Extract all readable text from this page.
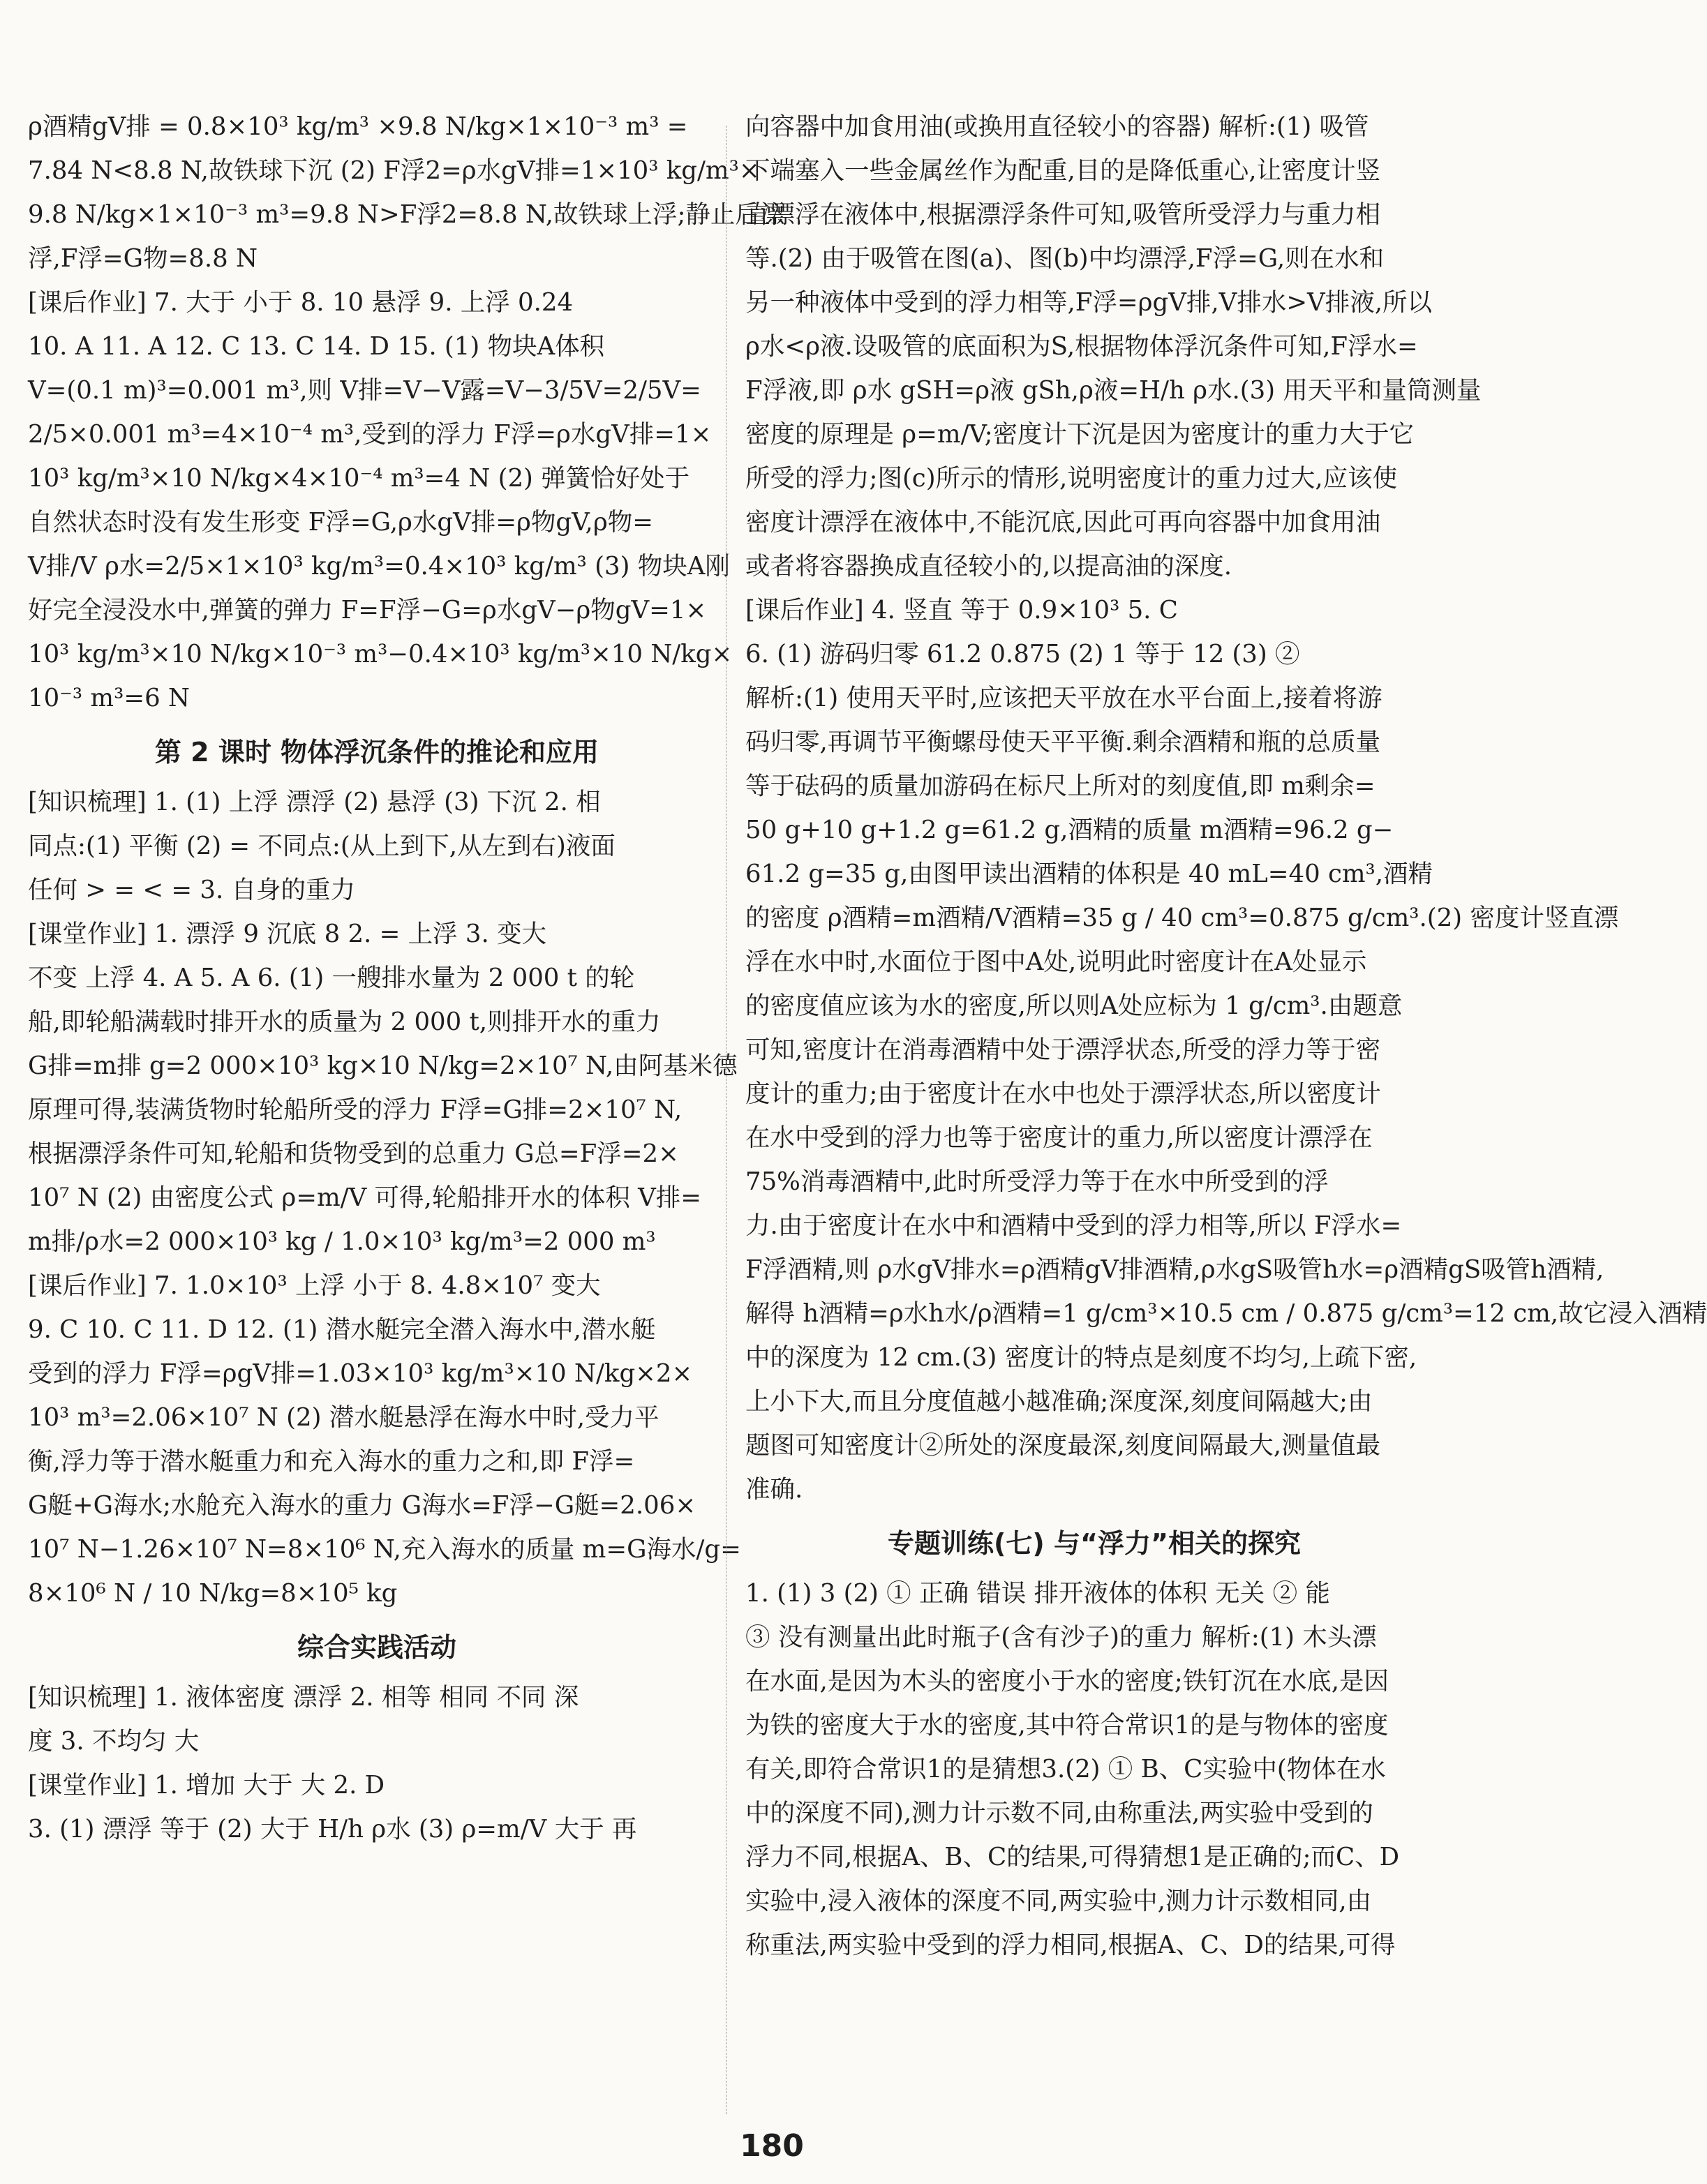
ρ酒精gV排 = 0.8×10³ kg/m³ ×9.8 N/kg×1×10⁻³ m³ =

7.84 N<8.8 N,故铁球下沉 (2) F浮2=ρ水gV排=1×10³ kg/m³×

9.8 N/kg×1×10⁻³ m³=9.8 N>F浮2=8.8 N,故铁球上浮;静止后漂

浮,F浮=G物=8.8 N

[课后作业] 7. 大于 小于 8. 10 悬浮 9. 上浮 0.24

10. A 11. A 12. C 13. C 14. D 15. (1) 物块A体积

V=(0.1 m)³=0.001 m³,则 V排=V−V露=V−3/5V=2/5V=

2/5×0.001 m³=4×10⁻⁴ m³,受到的浮力 F浮=ρ水gV排=1×

10³ kg/m³×10 N/kg×4×10⁻⁴ m³=4 N (2) 弹簧恰好处于

自然状态时没有发生形变 F浮=G,ρ水gV排=ρ物gV,ρ物=

V排/V ρ水=2/5×1×10³ kg/m³=0.4×10³ kg/m³ (3) 物块A刚

好完全浸没水中,弹簧的弹力 F=F浮−G=ρ水gV−ρ物gV=1×

10³ kg/m³×10 N/kg×10⁻³ m³−0.4×10³ kg/m³×10 N/kg×

10⁻³ m³=6 N

第 2 课时 物体浮沉条件的推论和应用

[知识梳理] 1. (1) 上浮 漂浮 (2) 悬浮 (3) 下沉 2. 相

同点:(1) 平衡 (2) = 不同点:(从上到下,从左到右)液面

任何 > = < = 3. 自身的重力

[课堂作业] 1. 漂浮 9 沉底 8 2. = 上浮 3. 变大

不变 上浮 4. A 5. A 6. (1) 一艘排水量为 2 000 t 的轮

船,即轮船满载时排开水的质量为 2 000 t,则排开水的重力

G排=m排 g=2 000×10³ kg×10 N/kg=2×10⁷ N,由阿基米德

原理可得,装满货物时轮船所受的浮力 F浮=G排=2×10⁷ N,

根据漂浮条件可知,轮船和货物受到的总重力 G总=F浮=2×

10⁷ N (2) 由密度公式 ρ=m/V 可得,轮船排开水的体积 V排=

m排/ρ水=2 000×10³ kg / 1.0×10³ kg/m³=2 000 m³

[课后作业] 7. 1.0×10³ 上浮 小于 8. 4.8×10⁷ 变大

9. C 10. C 11. D 12. (1) 潜水艇完全潜入海水中,潜水艇

受到的浮力 F浮=ρgV排=1.03×10³ kg/m³×10 N/kg×2×

10³ m³=2.06×10⁷ N (2) 潜水艇悬浮在海水中时,受力平

衡,浮力等于潜水艇重力和充入海水的重力之和,即 F浮=

G艇+G海水;水舱充入海水的重力 G海水=F浮−G艇=2.06×

10⁷ N−1.26×10⁷ N=8×10⁶ N,充入海水的质量 m=G海水/g=

8×10⁶ N / 10 N/kg=8×10⁵ kg

综合实践活动

[知识梳理] 1. 液体密度 漂浮 2. 相等 相同 不同 深

度 3. 不均匀 大

[课堂作业] 1. 增加 大于 大 2. D

3. (1) 漂浮 等于 (2) 大于 H/h ρ水 (3) ρ=m/V 大于 再

向容器中加食用油(或换用直径较小的容器) 解析:(1) 吸管

下端塞入一些金属丝作为配重,目的是降低重心,让密度计竖

直漂浮在液体中,根据漂浮条件可知,吸管所受浮力与重力相

等.(2) 由于吸管在图(a)、图(b)中均漂浮,F浮=G,则在水和

另一种液体中受到的浮力相等,F浮=ρgV排,V排水>V排液,所以

ρ水<ρ液.设吸管的底面积为S,根据物体浮沉条件可知,F浮水=

F浮液,即 ρ水 gSH=ρ液 gSh,ρ液=H/h ρ水.(3) 用天平和量筒测量

密度的原理是 ρ=m/V;密度计下沉是因为密度计的重力大于它

所受的浮力;图(c)所示的情形,说明密度计的重力过大,应该使

密度计漂浮在液体中,不能沉底,因此可再向容器中加食用油

或者将容器换成直径较小的,以提高油的深度.

[课后作业] 4. 竖直 等于 0.9×10³ 5. C

6. (1) 游码归零 61.2 0.875 (2) 1 等于 12 (3) ②

解析:(1) 使用天平时,应该把天平放在水平台面上,接着将游

码归零,再调节平衡螺母使天平平衡.剩余酒精和瓶的总质量

等于砝码的质量加游码在标尺上所对的刻度值,即 m剩余=

50 g+10 g+1.2 g=61.2 g,酒精的质量 m酒精=96.2 g−

61.2 g=35 g,由图甲读出酒精的体积是 40 mL=40 cm³,酒精

的密度 ρ酒精=m酒精/V酒精=35 g / 40 cm³=0.875 g/cm³.(2) 密度计竖直漂

浮在水中时,水面位于图中A处,说明此时密度计在A处显示

的密度值应该为水的密度,所以则A处应标为 1 g/cm³.由题意

可知,密度计在消毒酒精中处于漂浮状态,所受的浮力等于密

度计的重力;由于密度计在水中也处于漂浮状态,所以密度计

在水中受到的浮力也等于密度计的重力,所以密度计漂浮在

75%消毒酒精中,此时所受浮力等于在水中所受到的浮

力.由于密度计在水中和酒精中受到的浮力相等,所以 F浮水=

F浮酒精,则 ρ水gV排水=ρ酒精gV排酒精,ρ水gS吸管h水=ρ酒精gS吸管h酒精,

解得 h酒精=ρ水h水/ρ酒精=1 g/cm³×10.5 cm / 0.875 g/cm³=12 cm,故它浸入酒精

中的深度为 12 cm.(3) 密度计的特点是刻度不均匀,上疏下密,

上小下大,而且分度值越小越准确;深度深,刻度间隔越大;由

题图可知密度计②所处的深度最深,刻度间隔最大,测量值最

准确.

专题训练(七) 与“浮力”相关的探究

1. (1) 3 (2) ① 正确 错误 排开液体的体积 无关 ② 能

③ 没有测量出此时瓶子(含有沙子)的重力 解析:(1) 木头漂

在水面,是因为木头的密度小于水的密度;铁钉沉在水底,是因

为铁的密度大于水的密度,其中符合常识1的是与物体的密度

有关,即符合常识1的是猜想3.(2) ① B、C实验中(物体在水

中的深度不同),测力计示数不同,由称重法,两实验中受到的

浮力不同,根据A、B、C的结果,可得猜想1是正确的;而C、D

实验中,浸入液体的深度不同,两实验中,测力计示数相同,由

称重法,两实验中受到的浮力相同,根据A、C、D的结果,可得

180
